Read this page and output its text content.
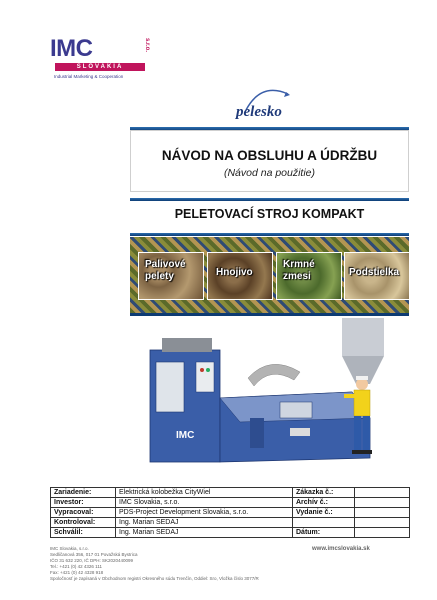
IMC	s.r.o.
SLOVAKIA
Industrial Marketing & Cooperation
pelesko
NÁVOD NA OBSLUHU A ÚDRŽBU
(Návod na použitie)
PELETOVACÍ STROJ KOMPAKT
Palivové
pelety	Hnojivo
Krmné
zmesi	Podstielka
IMC
Zariadenie:	Elektrická kolobežka CityWiel	Zákazka č.:	
Investor:	IMC Slovakia, s.r.o.	Archív č.:	
Vypracoval:	PDS-Project Development Slovakia, s.r.o.	Vydanie č.:	
Kontroloval:	Ing. Marian SEDAJ		
Schválil:	Ing. Marian SEDAJ	Dátum:	
IMC Slovakia, s.r.o.
Sedličanová 356, 017 01 Považská Bystrica
IČO 31 632 220, IČ DPH: SK2020440099
Tel.: +421 (0) 42 4326 111
Fax: +421 (0) 42 4328 918
Spoločnosť je zapísaná v Obchodnom registri Okresného súdu Trenčín, Oddiel: Sro, Vložka číslo 3077/R
www.imcslovakia.sk
